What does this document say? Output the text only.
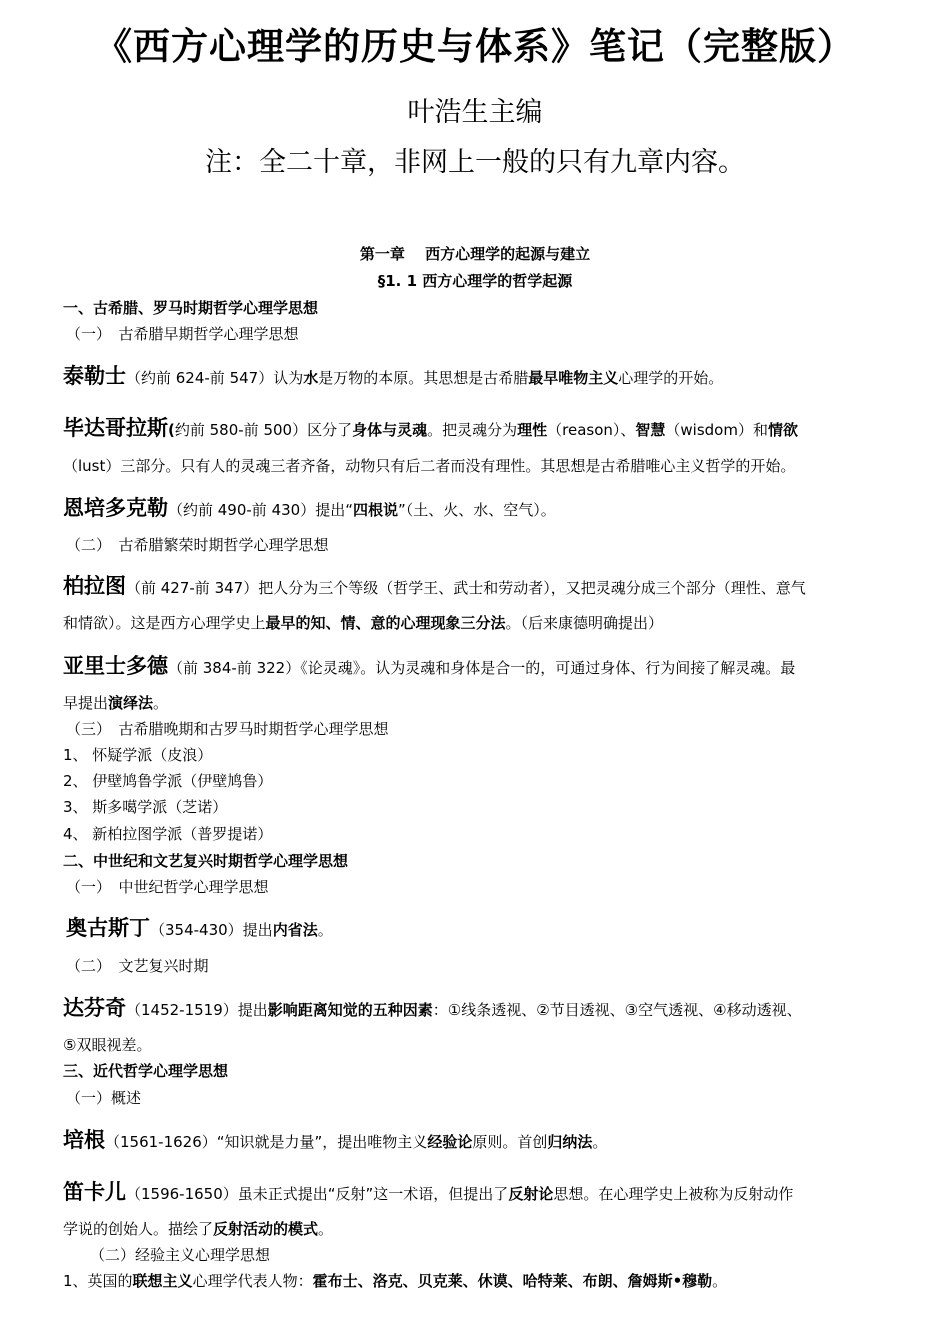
《西方心理学的历史与体系》笔记（完整版）
叶浩生主编
注：全二十章，非网上一般的只有九章内容。
第一章　 西方心理学的起源与建立
§1. 1 西方心理学的哲学起源
一、古希腊、罗马时期哲学心理学思想
（一）　古希腊早期哲学心理学思想
泰勒士（约前 624-前 547）认为水是万物的本原。其思想是古希腊最早唯物主义心理学的开始。
毕达哥拉斯(约前 580-前 500）区分了身体与灵魂。把灵魂分为理性（reason）、智慧（wisdom）和情欲
（lust）三部分。只有人的灵魂三者齐备，动物只有后二者而没有理性。其思想是古希腊唯心主义哲学的开始。
恩培多克勒（约前 490-前 430）提出“四根说”（土、火、水、空气）。
（二）　古希腊繁荣时期哲学心理学思想
柏拉图（前 427-前 347）把人分为三个等级（哲学王、武士和劳动者），又把灵魂分成三个部分（理性、意气
和情欲）。这是西方心理学史上最早的知、情、意的心理现象三分法。（后来康德明确提出）
亚里士多德（前 384-前 322）《论灵魂》。认为灵魂和身体是合一的，可通过身体、行为间接了解灵魂。最
早提出演绎法。
（三）　古希腊晚期和古罗马时期哲学心理学思想
1、 怀疑学派（皮浪）
2、 伊壁鸠鲁学派（伊壁鸠鲁）
3、 斯多噶学派（芝诺）
4、 新柏拉图学派（普罗提诺）
二、中世纪和文艺复兴时期哲学心理学思想
（一）　中世纪哲学心理学思想
奥古斯丁（354-430）提出内省法。
（二）　文艺复兴时期
达芬奇（1452-1519）提出影响距离知觉的五种因素：①线条透视、②节目透视、③空气透视、④移动透视、
⑤双眼视差。
三、近代哲学心理学思想
（一）概述
培根（1561-1626）“知识就是力量”，提出唯物主义经验论原则。首创归纳法。
笛卡儿（1596-1650）虽未正式提出“反射”这一术语，但提出了反射论思想。在心理学史上被称为反射动作
学说的创始人。描绘了反射活动的模式。
（二）经验主义心理学思想
1、英国的联想主义心理学代表人物：霍布士、洛克、贝克莱、休谟、哈特莱、布朗、詹姆斯•穆勒。
